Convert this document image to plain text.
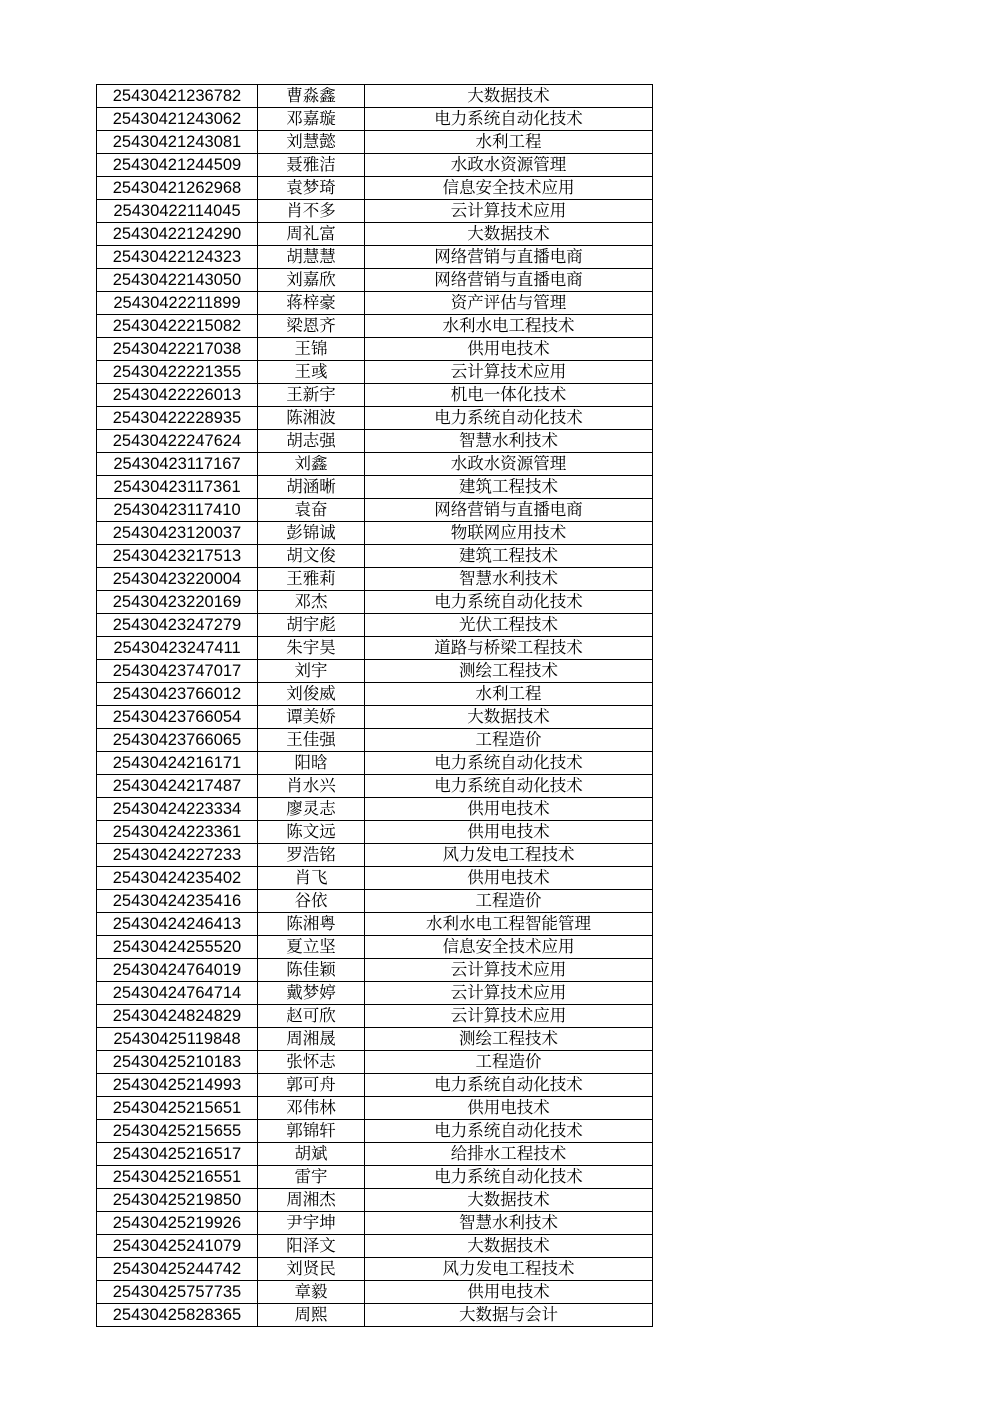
25430421236782	曹淼鑫	大数据技术
25430421243062	邓嘉璇	电力系统自动化技术
25430421243081	刘慧懿	水利工程
25430421244509	聂雅洁	水政水资源管理
25430421262968	袁梦琦	信息安全技术应用
25430422114045	肖不多	云计算技术应用
25430422124290	周礼富	大数据技术
25430422124323	胡慧慧	网络营销与直播电商
25430422143050	刘嘉欣	网络营销与直播电商
25430422211899	蒋梓豪	资产评估与管理
25430422215082	梁恩齐	水利水电工程技术
25430422217038	王锦	供用电技术
25430422221355	王彧	云计算技术应用
25430422226013	王新宇	机电一体化技术
25430422228935	陈湘波	电力系统自动化技术
25430422247624	胡志强	智慧水利技术
25430423117167	刘鑫	水政水资源管理
25430423117361	胡涵晰	建筑工程技术
25430423117410	袁奋	网络营销与直播电商
25430423120037	彭锦诚	物联网应用技术
25430423217513	胡文俊	建筑工程技术
25430423220004	王雅莉	智慧水利技术
25430423220169	邓杰	电力系统自动化技术
25430423247279	胡宇彪	光伏工程技术
25430423247411	朱宇昊	道路与桥梁工程技术
25430423747017	刘宇	测绘工程技术
25430423766012	刘俊威	水利工程
25430423766054	谭美娇	大数据技术
25430423766065	王佳强	工程造价
25430424216171	阳晗	电力系统自动化技术
25430424217487	肖水兴	电力系统自动化技术
25430424223334	廖灵志	供用电技术
25430424223361	陈文远	供用电技术
25430424227233	罗浩铭	风力发电工程技术
25430424235402	肖飞	供用电技术
25430424235416	谷依	工程造价
25430424246413	陈湘粤	水利水电工程智能管理
25430424255520	夏立坚	信息安全技术应用
25430424764019	陈佳颖	云计算技术应用
25430424764714	戴梦婷	云计算技术应用
25430424824829	赵可欣	云计算技术应用
25430425119848	周湘晟	测绘工程技术
25430425210183	张怀志	工程造价
25430425214993	郭可舟	电力系统自动化技术
25430425215651	邓伟林	供用电技术
25430425215655	郭锦轩	电力系统自动化技术
25430425216517	胡斌	给排水工程技术
25430425216551	雷宇	电力系统自动化技术
25430425219850	周湘杰	大数据技术
25430425219926	尹宇坤	智慧水利技术
25430425241079	阳泽文	大数据技术
25430425244742	刘贤民	风力发电工程技术
25430425757735	章毅	供用电技术
25430425828365	周熙	大数据与会计
